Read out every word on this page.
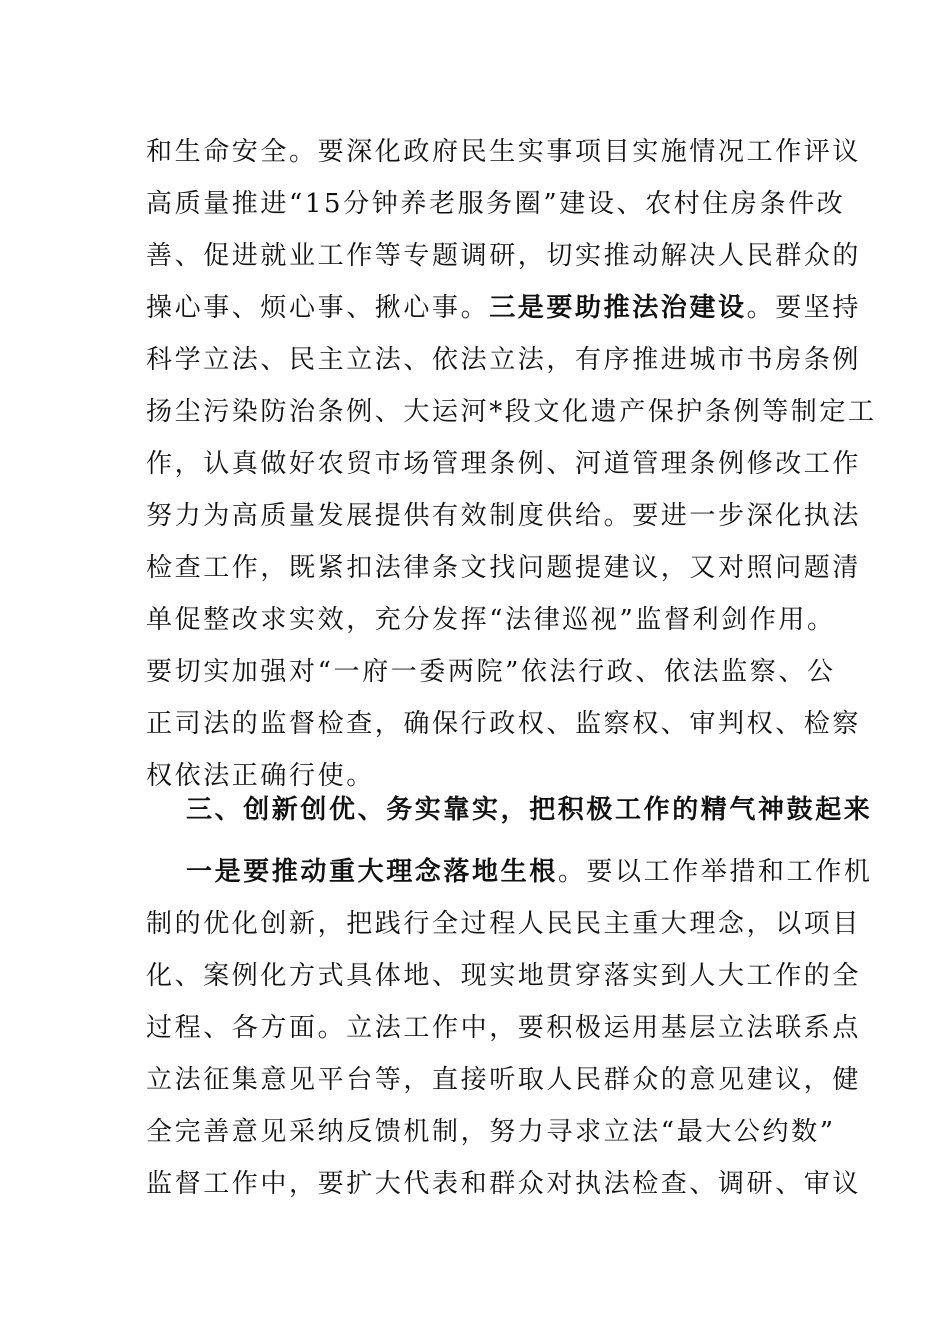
和生命安全。要深化政府民生实事项目实施情况工作评议
高质量推进“15分钟养老服务圈”建设、农村住房条件改
善、促进就业工作等专题调研，切实推动解决人民群众的
操心事、烦心事、揪心事。三是要助推法治建设。要坚持
科学立法、民主立法、依法立法，有序推进城市书房条例
扬尘污染防治条例、大运河*段文化遗产保护条例等制定工
作，认真做好农贸市场管理条例、河道管理条例修改工作
努力为高质量发展提供有效制度供给。要进一步深化执法
检查工作，既紧扣法律条文找问题提建议，又对照问题清
单促整改求实效，充分发挥“法律巡视”监督利剑作用。
要切实加强对“一府一委两院”依法行政、依法监察、公
正司法的监督检查，确保行政权、监察权、审判权、检察
权依法正确行使。
三、创新创优、务实靠实，把积极工作的精气神鼓起来
一是要推动重大理念落地生根。要以工作举措和工作机
制的优化创新，把践行全过程人民民主重大理念，以项目
化、案例化方式具体地、现实地贯穿落实到人大工作的全
过程、各方面。立法工作中，要积极运用基层立法联系点
立法征集意见平台等，直接听取人民群众的意见建议，健
全完善意见采纳反馈机制，努力寻求立法“最大公约数”
监督工作中，要扩大代表和群众对执法检查、调研、审议
